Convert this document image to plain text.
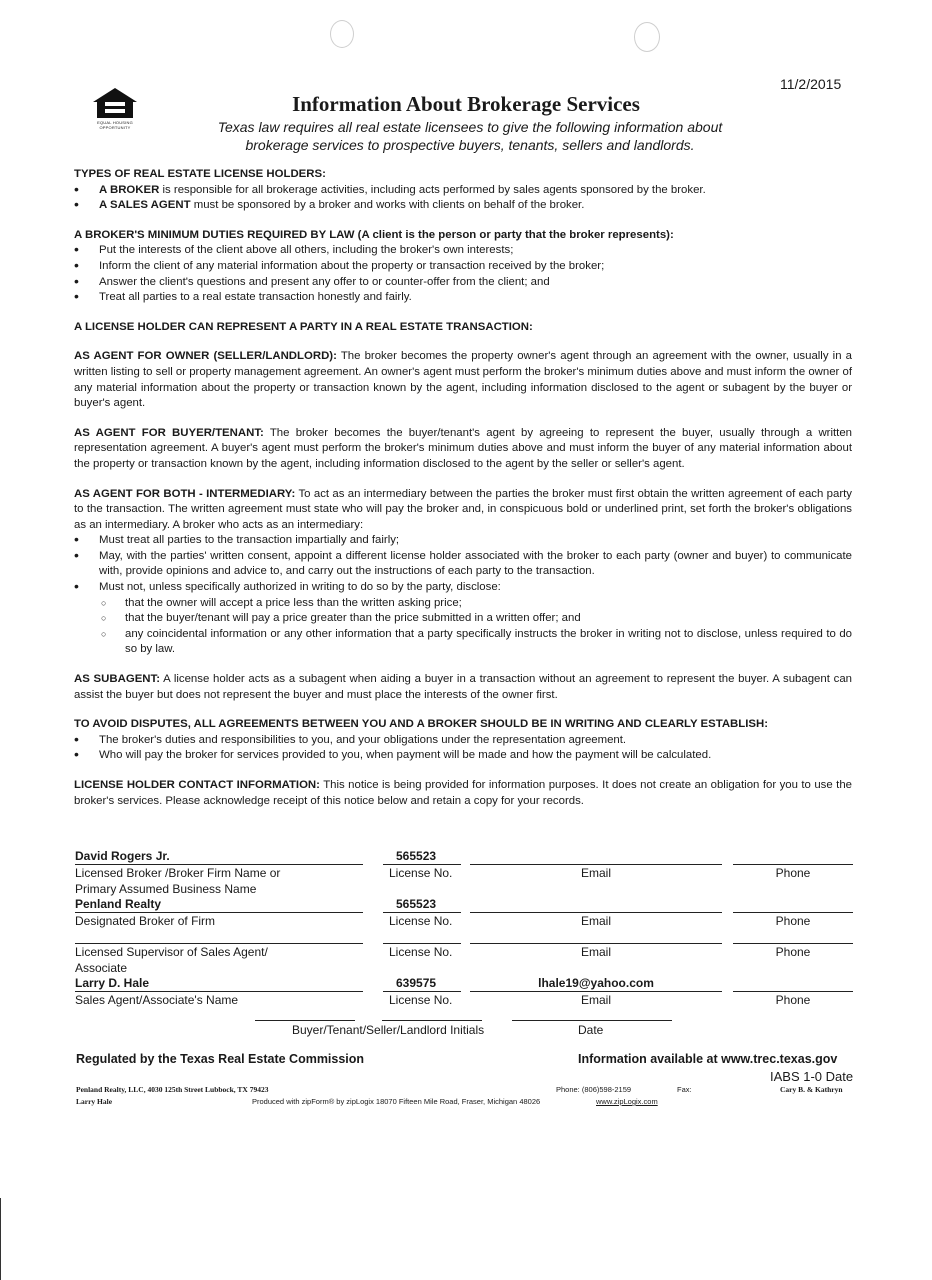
11/2/2015
EQUAL HOUSING OPPORTUNITY
Information About Brokerage Services
Texas law requires all real estate licensees to give the following information about
brokerage services to prospective buyers, tenants, sellers and landlords.
TYPES OF REAL ESTATE LICENSE HOLDERS:
• A BROKER is responsible for all brokerage activities, including acts performed by sales agents sponsored by the broker.
• A SALES AGENT must be sponsored by a broker and works with clients on behalf of the broker.
A BROKER'S MINIMUM DUTIES REQUIRED BY LAW (A client is the person or party that the broker represents):
• Put the interests of the client above all others, including the broker's own interests;
• Inform the client of any material information about the property or transaction received by the broker;
• Answer the client's questions and present any offer to or counter-offer from the client; and
• Treat all parties to a real estate transaction honestly and fairly.
A LICENSE HOLDER CAN REPRESENT A PARTY IN A REAL ESTATE TRANSACTION:

AS AGENT FOR OWNER (SELLER/LANDLORD): The broker becomes the property owner's agent through an agreement with the owner, usually in a written listing to sell or property management agreement. An owner's agent must perform the broker's minimum duties above and must inform the owner of any material information about the property or transaction known by the agent, including information disclosed to the agent or subagent by the buyer or buyer's agent.

AS AGENT FOR BUYER/TENANT: The broker becomes the buyer/tenant's agent by agreeing to represent the buyer, usually through a written representation agreement. A buyer's agent must perform the broker's minimum duties above and must inform the buyer of any material information about the property or transaction known by the agent, including information disclosed to the agent by the seller or seller's agent.

AS AGENT FOR BOTH - INTERMEDIARY: To act as an intermediary between the parties the broker must first obtain the written agreement of each party to the transaction. The written agreement must state who will pay the broker and, in conspicuous bold or underlined print, set forth the broker's obligations as an intermediary. A broker who acts as an intermediary:

• Must treat all parties to the transaction impartially and fairly;
• May, with the parties' written consent, appoint a different license holder associated with the broker to each party (owner and buyer) to communicate with, provide opinions and advice to, and carry out the instructions of each party to the transaction.
• Must not, unless specifically authorized in writing to do so by the party, disclose:
○ that the owner will accept a price less than the written asking price;
○ that the buyer/tenant will pay a price greater than the price submitted in a written offer; and
○ any coincidental information or any other information that a party specifically instructs the broker in writing not to disclose, unless required to do so by law.

AS SUBAGENT: A license holder acts as a subagent when aiding a buyer in a transaction without an agreement to represent the buyer. A subagent can assist the buyer but does not represent the buyer and must place the interests of the owner first.

TO AVOID DISPUTES, ALL AGREEMENTS BETWEEN YOU AND A BROKER SHOULD BE IN WRITING AND CLEARLY ESTABLISH:
• The broker's duties and responsibilities to you, and your obligations under the representation agreement.
• Who will pay the broker for services provided to you, when payment will be made and how the payment will be calculated.

LICENSE HOLDER CONTACT INFORMATION: This notice is being provided for information purposes. It does not create an obligation for you to use the broker's services. Please acknowledge receipt of this notice below and retain a copy for your records.

David Rogers Jr.	565523
Licensed Broker /Broker Firm Name or
Primary Assumed Business Name
License No.	Email	Phone
Penland Realty	565523
Designated Broker of Firm	License No.	Email	Phone
Licensed Supervisor of Sales Agent/
Associate
License No.	Email	Phone
Larry D. Hale	639575	lhale19@yahoo.com
Sales Agent/Associate's Name	License No.	Email	Phone
Buyer/Tenant/Seller/Landlord Initials	Date
Regulated by the Texas Real Estate Commission	Information available at www.trec.texas.gov
IABS 1-0 Date
Penland Realty, LLC, 4030 125th Street Lubbock, TX 79423
Larry Hale	Produced with zipForm® by zipLogix 18070 Fifteen Mile Road, Fraser, Michigan 48026	www.zipLogix.com
Phone: (806)598-2159	Fax:	Cary B. & Kathryn
